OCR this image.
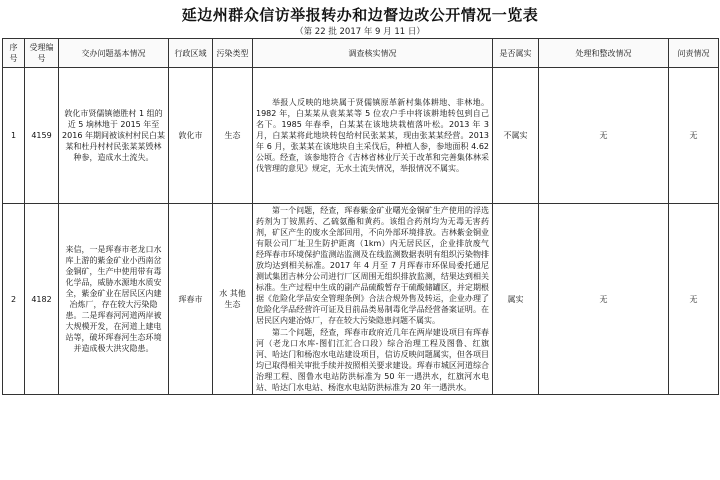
延边州群众信访举报转办和边督边改公开情况一览表
（第 22 批 2017 年 9 月 11 日）
序号	受理编号	交办问题基本情况	行政区域	污染类型	调查核实情况	是否属实	处理和整改情况	问责情况
1	4159	敦化市贤儒镇德胜村 1 组的近 5 垧林地于 2015 年至 2016 年期间被该村村民白某某和杜丹村村民张某某毁林种参，造成水土流失。	敦化市	生态	举报人反映的地块属于贤儒镇原革新村集体耕地、非林地。1982 年，白某某从袁某某等 5 位农户手中将该耕地转包到自己名下。1985 年春季，白某某在该地块栽植落叶松。2013 年 3 月，白某某将此地块转包给村民张某某，现由张某某经营。2013 年 6 月，张某某在该地块自主采伐后，种植人参，参地面积 4.62 公顷。经查，该参地符合《吉林省林业厅关于改革和完善集体林采伐管理的意见》规定，无水土流失情况，举报情况不属实。	不属实	无	无
2	4182	来信，一是珲春市老龙口水库上游的紫金矿业小西南岔金铜矿，生产中使用带有毒化学品，威胁水源地水质安全，紫金矿业在居民区内建冶炼厂，存在较大污染隐患。二是珲春河河道两岸被大规模开发，在河道上建电站等，破坏珲春河生态环境并造成极大洪灾隐患。	珲春市	水 其他生态	第一个问题，经查，珲春紫金矿业曙光金铜矿生产使用的浮选药剂为丁铵黑药、乙硫氨酯和黄药。该组合药剂均为无毒无害药剂，矿区产生的废水全部回用，不向外部环境排放。吉林紫金铜业有限公司厂址卫生防护距离（1km）内无居民区，企业排放废气经珲春市环境保护监测站监测及在线监测数据表明有组织污染物排放均达到相关标准。2017 年 4 月至 7 月珲春市环保局委托通尼测试集团吉林分公司进行厂区周围无组织排放监测，结果达到相关标准。生产过程中生成的副产品硫酸暂存于硫酸储罐区，并定期根据《危险化学品安全管理条例》合法合规外售及转运，企业办理了危险化学品经营许可证及目前品类易制毒化学品经营备案证明。在居民区内建冶炼厂，存在较大污染隐患问题不属实。

第二个问题，经查，珲春市政府近几年在两岸建设项目有珲春河（老龙口水库-图们江汇合口段）综合治理工程及图鲁、红旗河、哈达门和杨泡水电站建设项目，信访反映问题属实，但各项目均已取得相关审批手续并按照相关要求建设。珲春市城区河道综合治理工程、图鲁水电站防洪标准为 50 年一遇洪水，红旗河水电站、哈达门水电站、杨泡水电站防洪标准为 20 年一遇洪水。	属实	无	无
